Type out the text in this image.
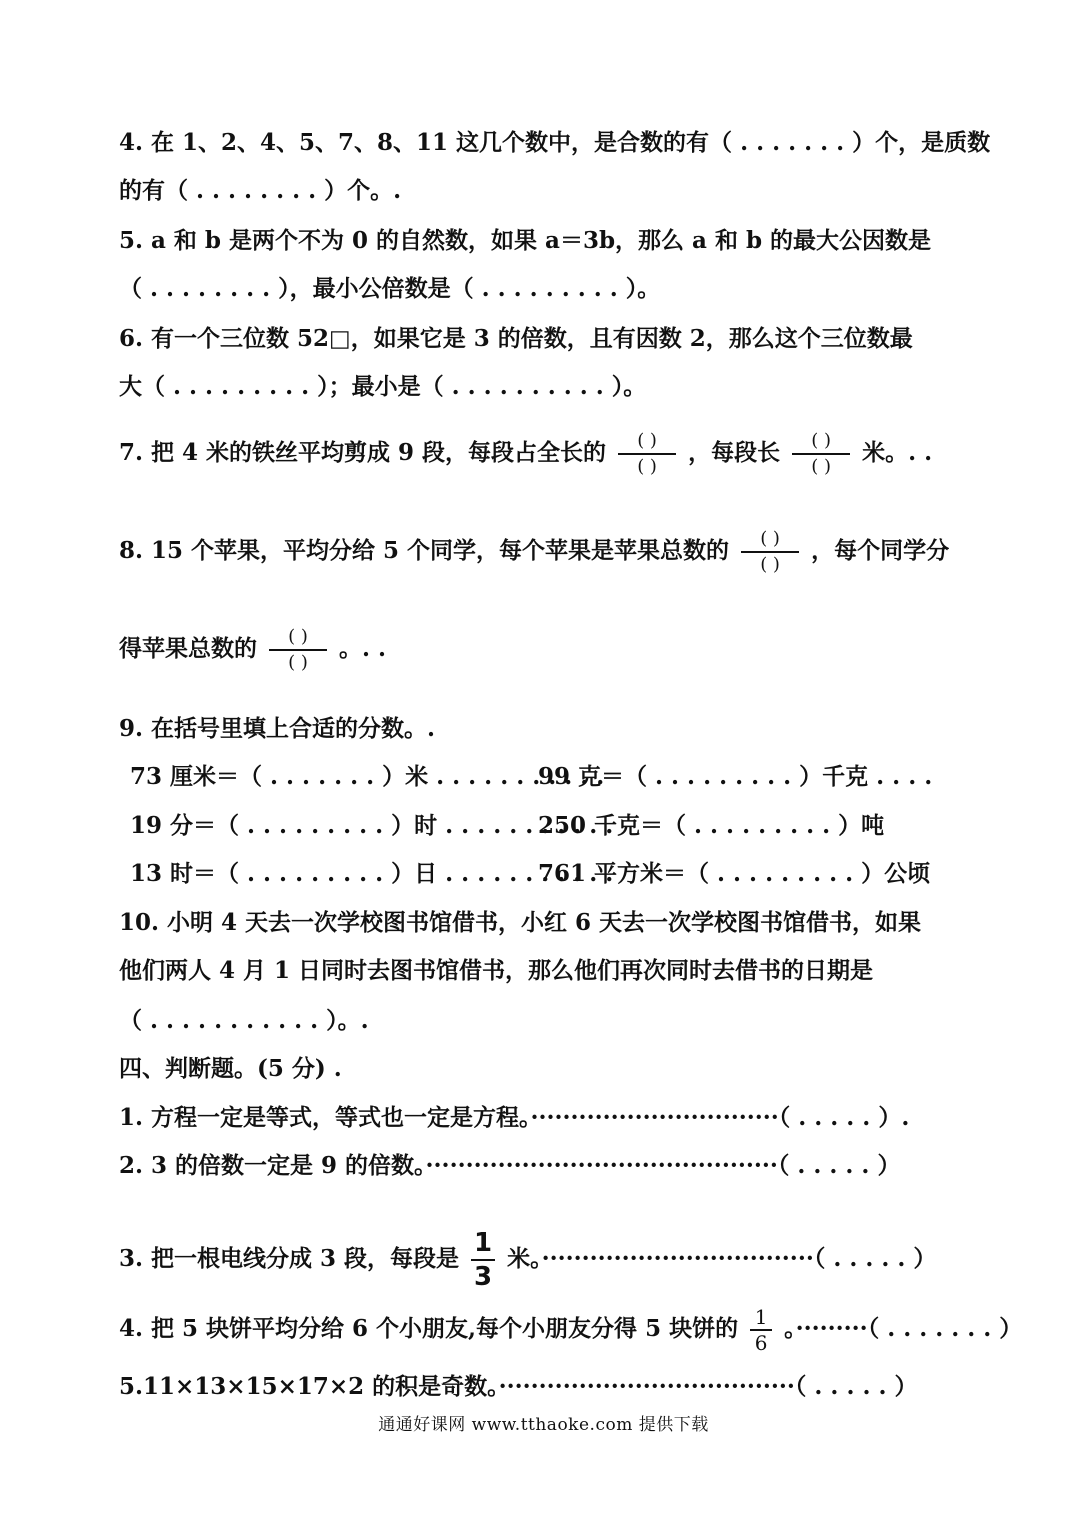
4. 在 1、2、4、5、7、8、11 这几个数中，是合数的有（ . . . . . . . ）个，是质数
的有（ . . . . . . . . ）个。.
5. a 和 b 是两个不为 0 的自然数，如果 a＝3b，那么 a 和 b 的最大公因数是
（ . . . . . . . . ），最小公倍数是（ . . . . . . . . . ）。
6. 有一个三位数 52□，如果它是 3 的倍数，且有因数 2，那么这个三位数最
大（ . . . . . . . . . ）；最小是（ . . . . . . . . . . ）。
7. 把 4 米的铁丝平均剪成 9 段，每段占全长的 $\frac{( )}{( )}$ ，每段长 $\frac{( )}{( )}$ 米。. .
8. 15 个苹果，平均分给 5 个同学，每个苹果是苹果总数的 $\frac{( )}{( )}$ ，每个同学分
得苹果总数的 $\frac{( )}{( )}$ 。. .
9. 在括号里填上合适的分数。.
73 厘米＝（ . . . . . . . ）米 . . . . . . . . . . .
99 克＝（ . . . . . . . . . ）千克 . . . .
19 分＝（ . . . . . . . . . ）时 . . . . . . . . . . .
250 千克＝（ . . . . . . . . . ）吨
13 时＝（ . . . . . . . . . ）日 . . . . . . . . . . .
761 平方米＝（ . . . . . . . . . ）公顷
10. 小明 4 天去一次学校图书馆借书，小红 6 天去一次学校图书馆借书，如果
他们两人 4 月 1 日同时去图书馆借书，那么他们再次同时去借书的日期是
（ . . . . . . . . . . . ）。.
四、判断题。(5 分) .
1. 方程一定是等式，等式也一定是方程。·······························（ . . . . . ）.
2. 3 的倍数一定是 9 的倍数。············································（ . . . . . ）
3. 把一根电线分成 3 段，每段是 $\frac{1}{3}$ 米。··································（ . . . . . ）
4. 把 5 块饼平均分给 6 个小朋友,每个小朋友分得 5 块饼的 $\frac{1}{6}$ 。·········（ . . . . . . . ）
5.11×13×15×17×2 的积是奇数。·····································（ . . . . . ）
通通好课网 www.tthaoke.com 提供下载
